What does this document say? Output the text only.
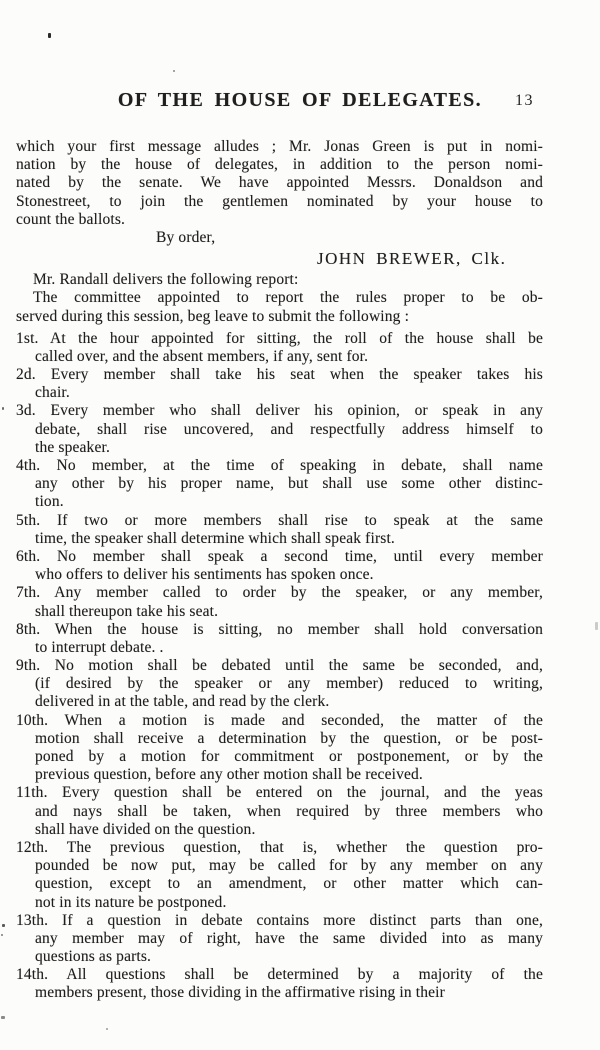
OF THE HOUSE OF DELEGATES.	13
which your first message alludes ; Mr. Jonas Green is put in nomi-
nation by the house of delegates, in addition to the person nomi-
nated by the senate. We have appointed Messrs. Donaldson and
Stonestreet, to join the gentlemen nominated by your house to
count the ballots.
By order,
JOHN BREWER, Clk.
Mr. Randall delivers the following report:
The committee appointed to report the rules proper to be ob-
served during this session, beg leave to submit the following :
1st. At the hour appointed for sitting, the roll of the house shall be
called over, and the absent members, if any, sent for.
2d. Every member shall take his seat when the speaker takes his
chair.
3d. Every member who shall deliver his opinion, or speak in any
debate, shall rise uncovered, and respectfully address himself to
the speaker.
4th. No member, at the time of speaking in debate, shall name
any other by his proper name, but shall use some other distinc-
tion.
5th. If two or more members shall rise to speak at the same
time, the speaker shall determine which shall speak first.
6th. No member shall speak a second time, until every member
who offers to deliver his sentiments has spoken once.
7th. Any member called to order by the speaker, or any member,
shall thereupon take his seat.
8th. When the house is sitting, no member shall hold conversation
to interrupt debate. .
9th. No motion shall be debated until the same be seconded, and,
(if desired by the speaker or any member) reduced to writing,
delivered in at the table, and read by the clerk.
10th. When a motion is made and seconded, the matter of the
motion shall receive a determination by the question, or be post-
poned by a motion for commitment or postponement, or by the
previous question, before any other motion shall be received.
11th. Every question shall be entered on the journal, and the yeas
and nays shall be taken, when required by three members who
shall have divided on the question.
12th. The previous question, that is, whether the question pro-
pounded be now put, may be called for by any member on any
question, except to an amendment, or other matter which can-
not in its nature be postponed.
13th. If a question in debate contains more distinct parts than one,
any member may of right, have the same divided into as many
questions as parts.
14th. All questions shall be determined by a majority of the
members present, those dividing in the affirmative rising in their
